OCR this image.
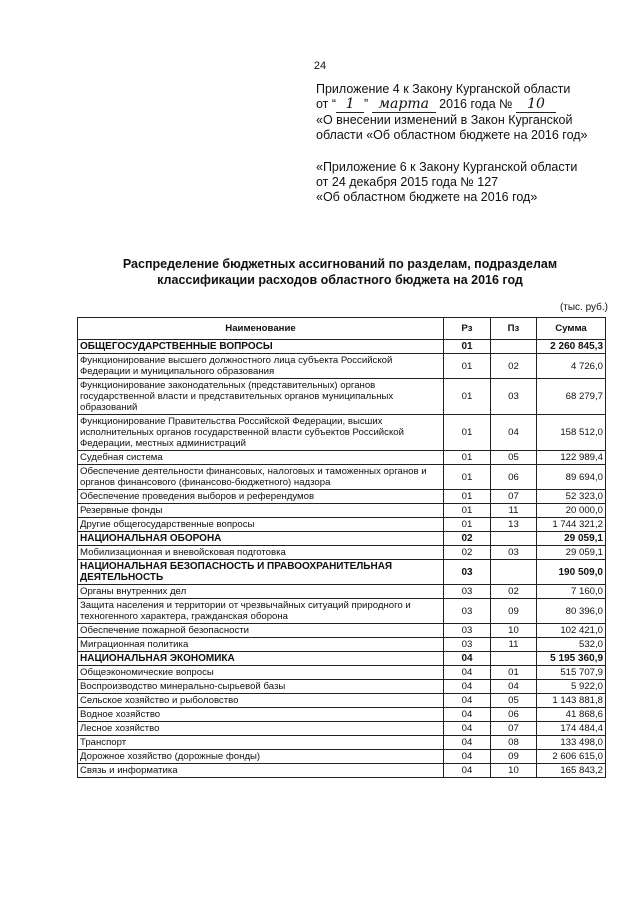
24
Приложение 4 к Закону Курганской области
от “ 1 ” марта 2016 года № 10
«О внесении изменений в Закон Курганской
области «Об областном бюджете на 2016 год»
«Приложение 6 к Закону Курганской области
от 24 декабря 2015 года № 127
«Об областном бюджете на 2016 год»
Распределение бюджетных ассигнований по разделам, подразделам
классификации расходов областного бюджета на 2016 год
(тыс. руб.)
Наименование	Рз	Пз	Сумма
ОБЩЕГОСУДАРСТВЕННЫЕ ВОПРОСЫ	01		2 260 845,3
Функционирование высшего должностного лица субъекта Российской Федерации и муниципального образования	01	02	4 726,0
Функционирование законодательных (представительных) органов государственной власти и представительных органов муниципальных образований	01	03	68 279,7
Функционирование Правительства Российской Федерации, высших исполнительных органов государственной власти субъектов Российской Федерации, местных администраций	01	04	158 512,0
Судебная система	01	05	122 989,4
Обеспечение деятельности финансовых, налоговых и таможенных органов и органов финансового (финансово-бюджетного) надзора	01	06	89 694,0
Обеспечение проведения выборов и референдумов	01	07	52 323,0
Резервные фонды	01	11	20 000,0
Другие общегосударственные вопросы	01	13	1 744 321,2
НАЦИОНАЛЬНАЯ ОБОРОНА	02		29 059,1
Мобилизационная и вневойсковая подготовка	02	03	29 059,1
НАЦИОНАЛЬНАЯ БЕЗОПАСНОСТЬ И ПРАВООХРАНИТЕЛЬНАЯ ДЕЯТЕЛЬНОСТЬ	03		190 509,0
Органы внутренних дел	03	02	7 160,0
Защита населения и территории от чрезвычайных ситуаций природного и техногенного характера, гражданская оборона	03	09	80 396,0
Обеспечение пожарной безопасности	03	10	102 421,0
Миграционная политика	03	11	532,0
НАЦИОНАЛЬНАЯ ЭКОНОМИКА	04		5 195 360,9
Общеэкономические вопросы	04	01	515 707,9
Воспроизводство минерально-сырьевой базы	04	04	5 922,0
Сельское хозяйство и рыболовство	04	05	1 143 881,8
Водное хозяйство	04	06	41 868,6
Лесное хозяйство	04	07	174 484,4
Транспорт	04	08	133 498,0
Дорожное хозяйство (дорожные фонды)	04	09	2 606 615,0
Связь и информатика	04	10	165 843,2
